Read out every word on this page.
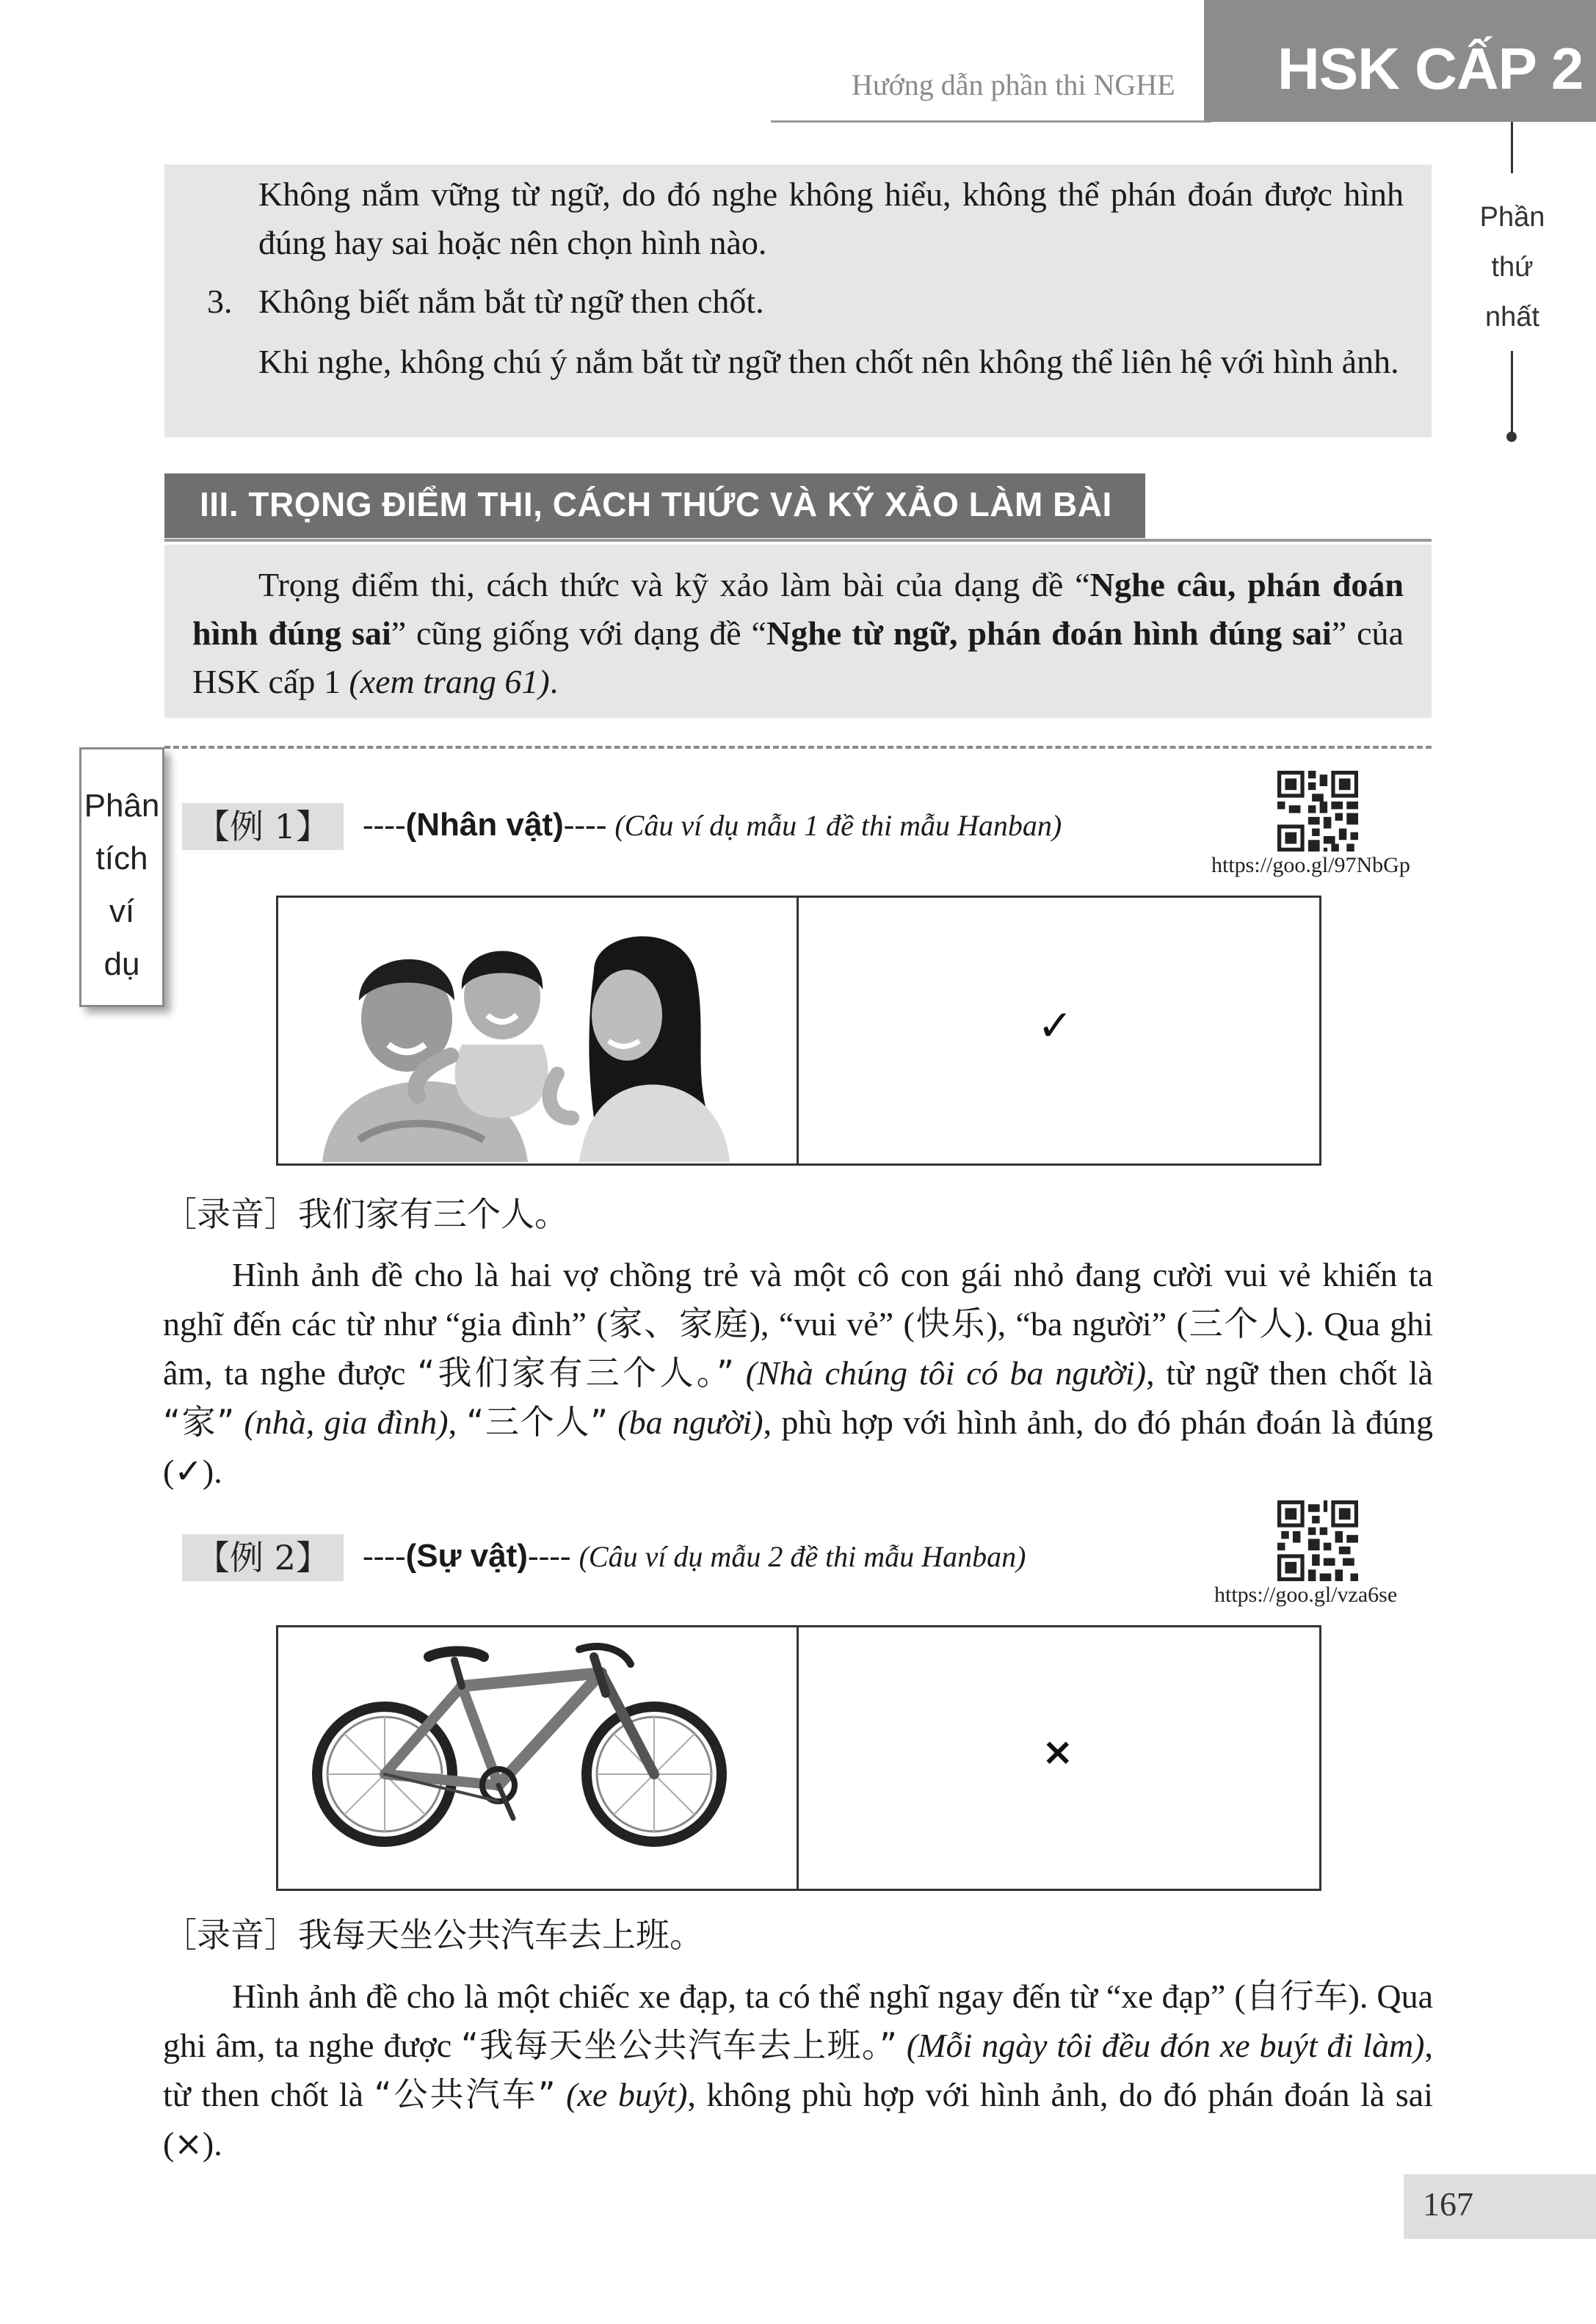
Hướng dẫn phần thi NGHE HSK CẤP 2
Phần
thứ
nhất
Không nắm vững từ ngữ, do đó nghe không hiểu, không thể phán đoán được hình đúng hay sai hoặc nên chọn hình nào.
3. Không biết nắm bắt từ ngữ then chốt.
Khi nghe, không chú ý nắm bắt từ ngữ then chốt nên không thể liên hệ với hình ảnh.
III. TRỌNG ĐIỂM THI, CÁCH THỨC VÀ KỸ XẢO LÀM BÀI
Trọng điểm thi, cách thức và kỹ xảo làm bài của dạng đề “Nghe câu, phán đoán hình đúng sai” cũng giống với dạng đề “Nghe từ ngữ, phán đoán hình đúng sai” của HSK cấp 1 (xem trang 61).
Phân
tích
ví
dụ
【例 1】	----(Nhân vật)---- (Câu ví dụ mẫu 1 đề thi mẫu Hanban)
https://goo.gl/97NbGp
✓
［录音］我们家有三个人。
Hình ảnh đề cho là hai vợ chồng trẻ và một cô con gái nhỏ đang cười vui vẻ khiến ta nghĩ đến các từ như “gia đình” (家、家庭), “vui vẻ” (快乐), “ba người” (三个人). Qua ghi âm, ta nghe được “我们家有三个人。” (Nhà chúng tôi có ba người), từ ngữ then chốt là “家” (nhà, gia đình), “三个人” (ba người), phù hợp với hình ảnh, do đó phán đoán là đúng (✓).
【例 2】	----(Sự vật)---- (Câu ví dụ mẫu 2 đề thi mẫu Hanban)
https://goo.gl/vza6se
×
［录音］我每天坐公共汽车去上班。
Hình ảnh đề cho là một chiếc xe đạp, ta có thể nghĩ ngay đến từ “xe đạp” (自行车). Qua ghi âm, ta nghe được “我每天坐公共汽车去上班。” (Mỗi ngày tôi đều đón xe buýt đi làm), từ then chốt là “公共汽车” (xe buýt), không phù hợp với hình ảnh, do đó phán đoán là sai (×).
167
